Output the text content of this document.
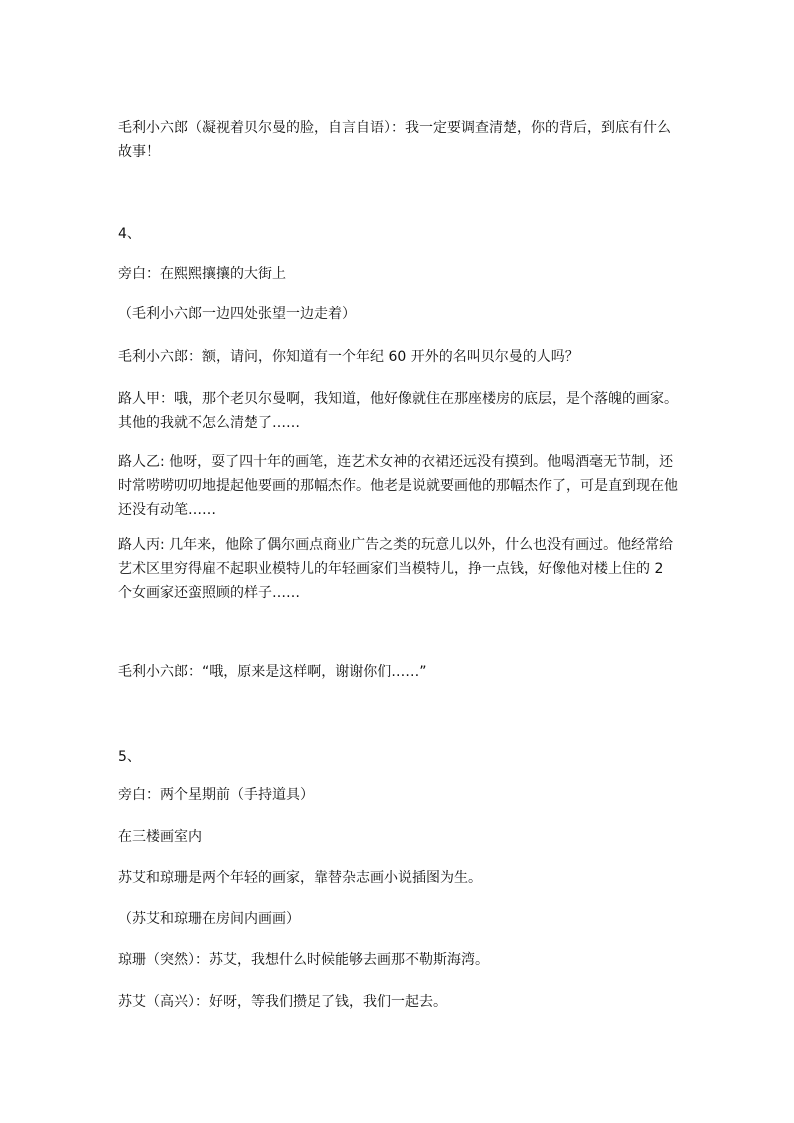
毛利小六郎（凝视着贝尔曼的脸，自言自语）：我一定要调查清楚，你的背后，到底有什么故事！

4、

旁白：在熙熙攘攘的大街上

（毛利小六郎一边四处张望一边走着）

毛利小六郎：额，请问，你知道有一个年纪 60 开外的名叫贝尔曼的人吗？

路人甲：哦，那个老贝尔曼啊，我知道，他好像就住在那座楼房的底层，是个落魄的画家。其他的我就不怎么清楚了……

路人乙: 他呀，耍了四十年的画笔，连艺术女神的衣裙还远没有摸到。他喝酒毫无节制，还时常唠唠叨叨地提起他要画的那幅杰作。他老是说就要画他的那幅杰作了，可是直到现在他还没有动笔……

路人丙: 几年来，他除了偶尔画点商业广告之类的玩意儿以外，什么也没有画过。他经常给艺术区里穷得雇不起职业模特儿的年轻画家们当模特儿，挣一点钱，好像他对楼上住的 2 个女画家还蛮照顾的样子……

毛利小六郎：“哦，原来是这样啊，谢谢你们……”

5、

旁白：两个星期前（手持道具）

在三楼画室内

苏艾和琼珊是两个年轻的画家，靠替杂志画小说插图为生。

（苏艾和琼珊在房间内画画）

琼珊（突然）：苏艾，我想什么时候能够去画那不勒斯海湾。

苏艾（高兴）：好呀，等我们攒足了钱，我们一起去。
